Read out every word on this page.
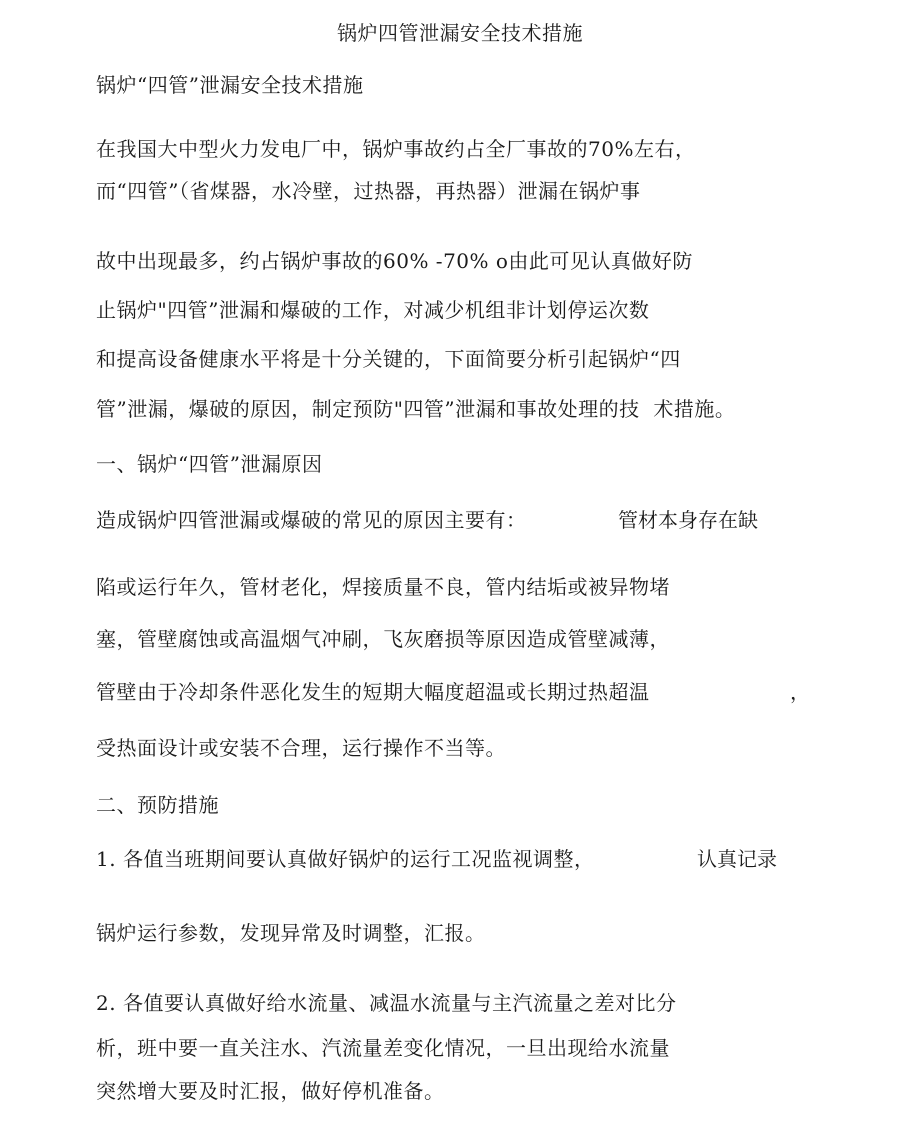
锅炉四管泄漏安全技术措施
锅炉“四管”泄漏安全技术措施
在我国大中型火力发电厂中，锅炉事故约占全厂事故的70%左右，
而“四管”（省煤器，水冷壁，过热器，再热器）泄漏在锅炉事
故中出现最多，约占锅炉事故的60% -70% o由此可见认真做好防
止锅炉"四管”泄漏和爆破的工作，对减少机组非计划停运次数
和提高设备健康水平将是十分关键的，下面简要分析引起锅炉“四
管”泄漏，爆破的原因，制定预防"四管”泄漏和事故处理的技  术措施。
一、锅炉“四管”泄漏原因
造成锅炉四管泄漏或爆破的常见的原因主要有：	管材本身存在缺
陷或运行年久，管材老化，焊接质量不良，管内结垢或被异物堵
塞，管壁腐蚀或高温烟气冲刷，飞灰磨损等原因造成管壁减薄，
管壁由于冷却条件恶化发生的短期大幅度超温或长期过热超温	，
受热面设计或安装不合理，运行操作不当等。
二、预防措施
1. 各值当班期间要认真做好锅炉的运行工况监视调整，	认真记录
锅炉运行参数，发现异常及时调整，汇报。
2. 各值要认真做好给水流量、减温水流量与主汽流量之差对比分
析，班中要一直关注水、汽流量差变化情况，一旦出现给水流量
突然增大要及时汇报，做好停机准备。
